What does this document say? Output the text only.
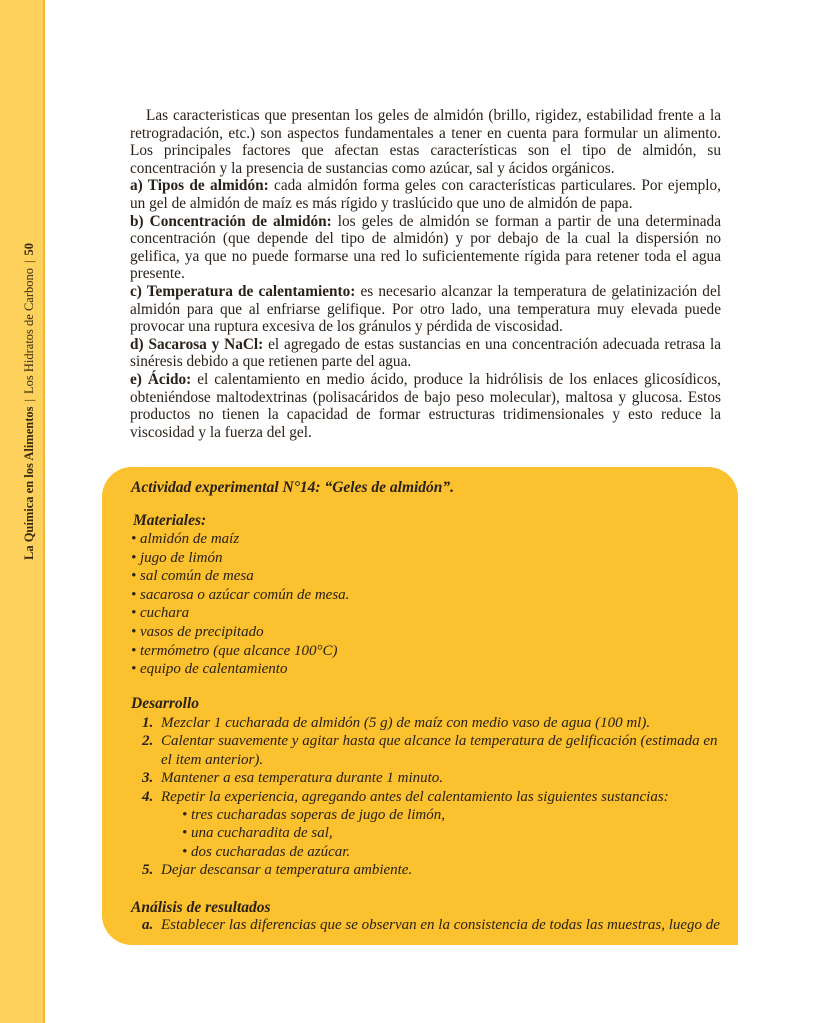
La Química en los Alimentos|Los Hidratos de Carbono|50

Las caracteristicas que presentan los geles de almidón (brillo, rigidez, estabilidad frente a la retrogradación, etc.) son aspectos fundamentales a tener en cuenta para formular un alimento. Los principales factores que afectan estas características son el tipo de almidón, su concentración y la presencia de sustancias como azúcar, sal y ácidos orgánicos.

a) Tipos de almidón: cada almidón forma geles con características particulares. Por ejemplo, un gel de almidón de maíz es más rígido y traslúcido que uno de almidón de papa.

b) Concentración de almidón: los geles de almidón se forman a partir de una determinada concentración (que depende del tipo de almidón) y por debajo de la cual la dispersión no gelifica, ya que no puede formarse una red lo suficientemente rígida para retener toda el agua presente.

c) Temperatura de calentamiento: es necesario alcanzar la temperatura de gelatinización del almidón para que al enfriarse gelifique. Por otro lado, una temperatura muy elevada puede provocar una ruptura excesiva de los gránulos y pérdida de viscosidad.

d) Sacarosa y NaCl: el agregado de estas sustancias en una concentración adecuada retrasa la sinéresis debido a que retienen parte del agua.

e) Ácido: el calentamiento en medio ácido, produce la hidrólisis de los enlaces glicosídicos, obteniéndose maltodextrinas (polisacáridos de bajo peso molecular), maltosa y glucosa. Estos productos no tienen la capacidad de formar estructuras tridimensionales y esto reduce la viscosidad y la fuerza del gel.

Actividad experimental N°14: “Geles de almidón”.
Materiales:
• almidón de maíz
• jugo de limón
• sal común de mesa
• sacarosa o azúcar común de mesa.
• cuchara
• vasos de precipitado
• termómetro (que alcance 100°C)
• equipo de calentamiento
Desarrollo
1. Mezclar 1 cucharada de almidón (5 g) de maíz con medio vaso de agua (100 ml).
2. Calentar suavemente y agitar hasta que alcance la temperatura de gelificación (estimada en el item anterior).
3. Mantener a esa temperatura durante 1 minuto.
4. Repetir la experiencia, agregando antes del calentamiento las siguientes sustancias:
• tres cucharadas soperas de jugo de limón,
• una cucharadita de sal,
• dos cucharadas de azúcar.
5. Dejar descansar a temperatura ambiente.
Análisis de resultados
a. Establecer las diferencias que se observan en la consistencia de todas las muestras, luego de
